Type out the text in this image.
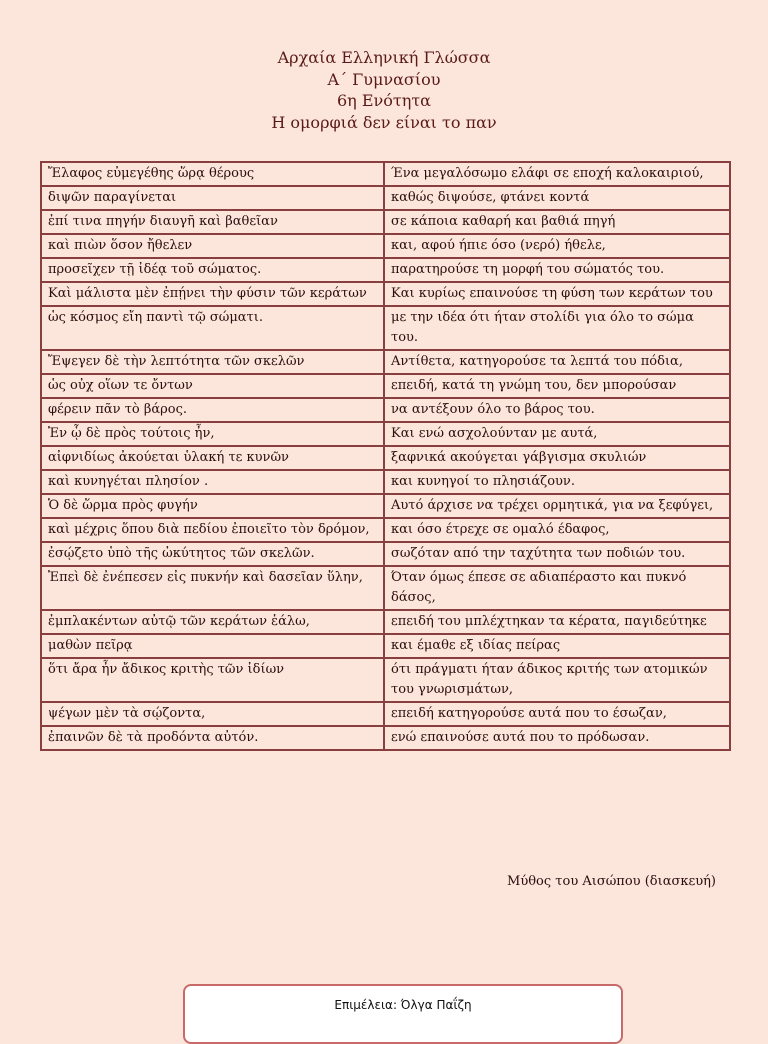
Αρχαία Ελληνική Γλώσσα
Α΄ Γυμνασίου
6η Ενότητα
Η ομορφιά δεν είναι το παν
Ἔλαφος εὐμεγέθης ὥρᾳ θέρους	Ένα μεγαλόσωμο ελάφι σε εποχή καλοκαιριού,
διψῶν παραγίνεται	καθώς διψούσε, φτάνει κοντά
ἐπί τινα πηγήν διαυγῆ καὶ βαθεῖαν	σε κάποια καθαρή και βαθιά πηγή
καὶ πιὼν ὅσον ἤθελεν	και, αφού ήπιε όσο (νερό) ήθελε,
προσεῖχεν τῇ ἰδέᾳ τοῦ σώματος.	παρατηρούσε τη μορφή του σώματός του.
Καὶ μάλιστα μὲν ἐπῄνει τὴν φύσιν τῶν κεράτων	Και κυρίως επαινούσε τη φύση των κεράτων του
ὡς κόσμος εἴη παντὶ τῷ σώματι.	με την ιδέα ότι ήταν στολίδι για όλο το σώμα του.
Ἔψεγεν δὲ τὴν λεπτότητα τῶν σκελῶν	Αντίθετα, κατηγορούσε τα λεπτά του πόδια,
ὡς οὐχ οἵων τε ὄντων	επειδή, κατά τη γνώμη του, δεν μπορούσαν
φέρειν πᾶν τὸ βάρος.	να αντέξουν όλο το βάρος του.
Ἐν ᾧ δὲ πρὸς τούτοις ἦν,	Και ενώ ασχολούνταν με αυτά,
αἰφνιδίως ἀκούεται ὑλακή τε κυνῶν	ξαφνικά ακούγεται γάβγισμα σκυλιών
καὶ κυνηγέται πλησίον .	και κυνηγοί το πλησιάζουν.
Ὁ δὲ ὥρμα πρὸς φυγήν	Αυτό άρχισε να τρέχει ορμητικά, για να ξεφύγει,
καὶ μέχρις ὅπου διὰ πεδίου ἐποιεῖτο τὸν δρόμον,	και όσο έτρεχε σε ομαλό έδαφος,
ἐσῴζετο ὑπὸ τῆς ὠκύτητος τῶν σκελῶν.	σωζόταν από την ταχύτητα των ποδιών του.
Ἐπεὶ δὲ ἐνέπεσεν εἰς πυκνήν καὶ δασεῖαν ὕλην,	Όταν όμως έπεσε σε αδιαπέραστο και πυκνό δάσος,
ἐμπλακέντων αὐτῷ τῶν κεράτων ἑάλω,	επειδή του μπλέχτηκαν τα κέρατα, παγιδεύτηκε
μαθὼν πεῖρᾳ	και έμαθε εξ ιδίας πείρας
ὅτι ἄρα ἦν ἄδικος κριτὴς τῶν ἰδίων	ότι πράγματι ήταν άδικος κριτής των ατομικών του γνωρισμάτων,
ψέγων μὲν τὰ σῴζοντα,	επειδή κατηγορούσε αυτά που το έσωζαν,
ἐπαινῶν δὲ τὰ προδόντα αὐτόν.	ενώ επαινούσε αυτά που το πρόδωσαν.
Μύθος του Αισώπου (διασκευή)
Επιμέλεια: Όλγα Παΐζη
